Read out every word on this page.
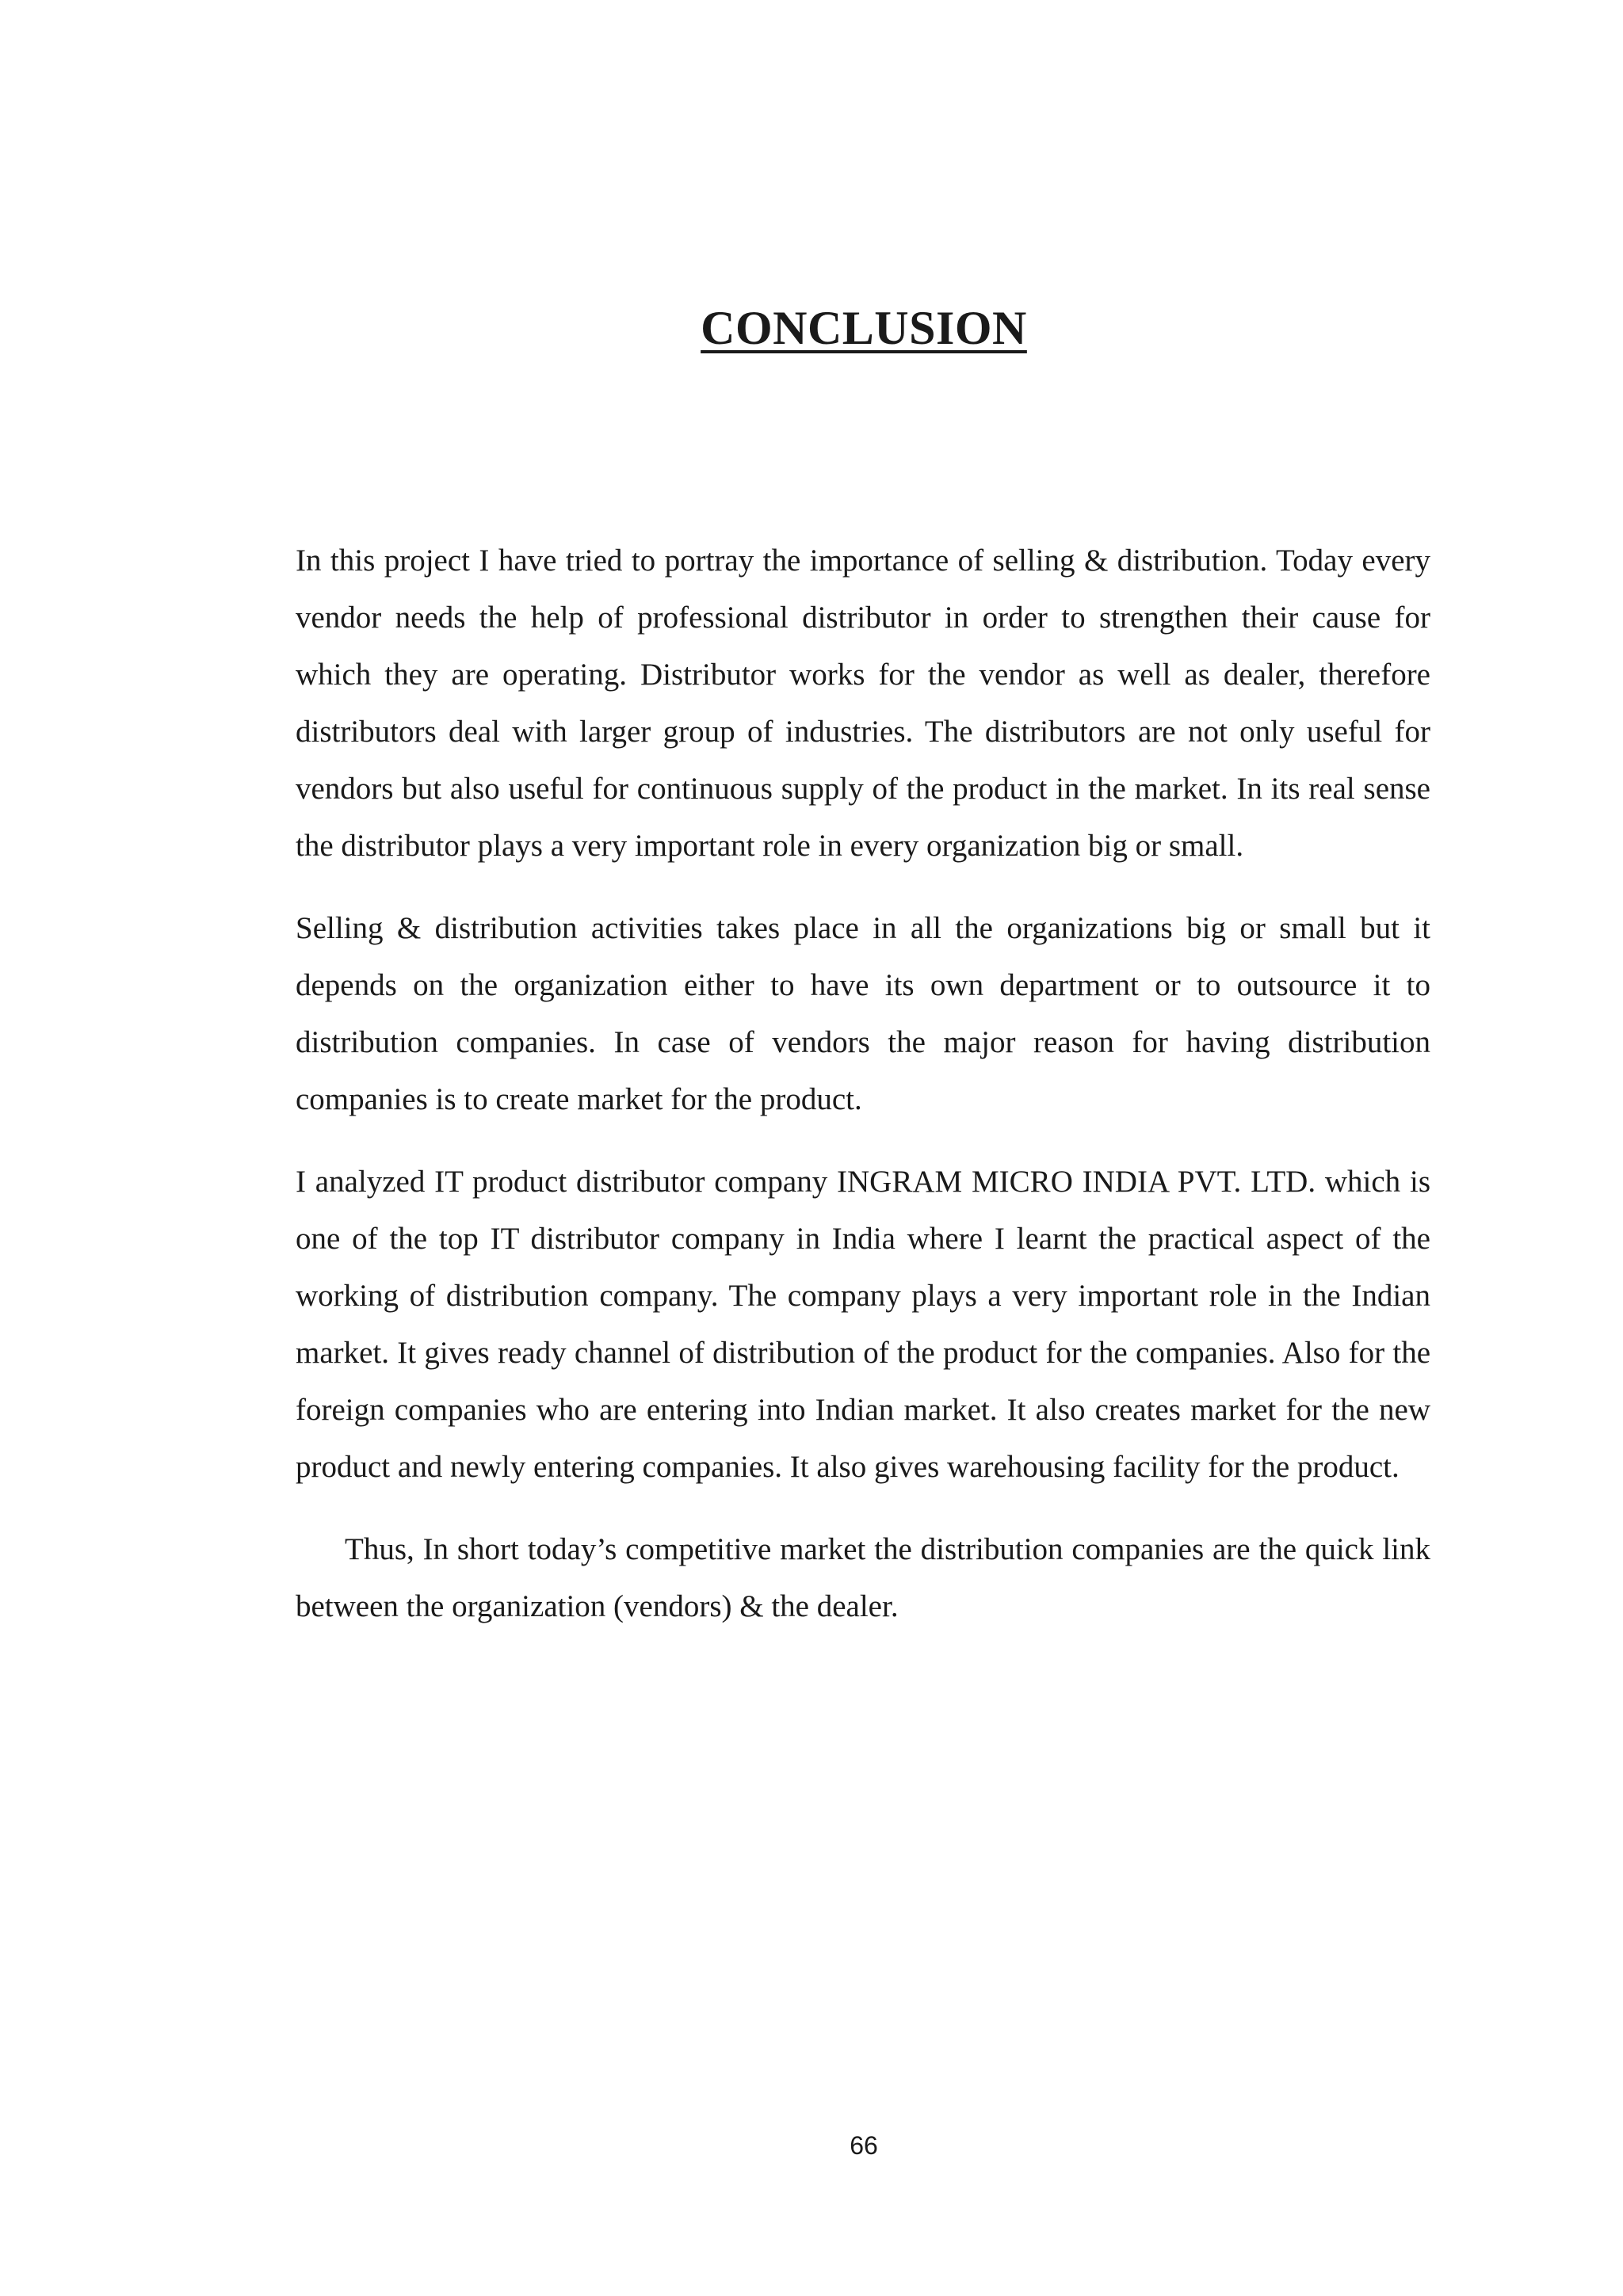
CONCLUSION

In this project I have tried to portray the importance of selling & distribution. Today every vendor needs the help of professional distributor in order to strengthen their cause for which they are operating. Distributor works for the vendor as well as dealer, therefore distributors deal with larger group of industries. The distributors are not only useful for vendors but also useful for continuous supply of the product in the market. In its real sense the distributor plays a very important role in every organization big or small.

Selling & distribution activities takes place in all the organizations big or small but it depends on the organization either to have its own department or to outsource it to distribution companies. In case of vendors the major reason for having distribution companies is to create market for the product.

I analyzed IT product distributor company INGRAM MICRO INDIA PVT. LTD. which is one of the top IT distributor company in India where I learnt the practical aspect of the working of distribution company. The company plays a very important role in the Indian market. It gives ready channel of distribution of the product for the companies. Also for the foreign companies who are entering into Indian market. It also creates market for the new product and newly entering companies. It also gives warehousing facility for the product.

Thus, In short today’s competitive market the distribution companies are the quick link between the organization (vendors) & the dealer.

66
